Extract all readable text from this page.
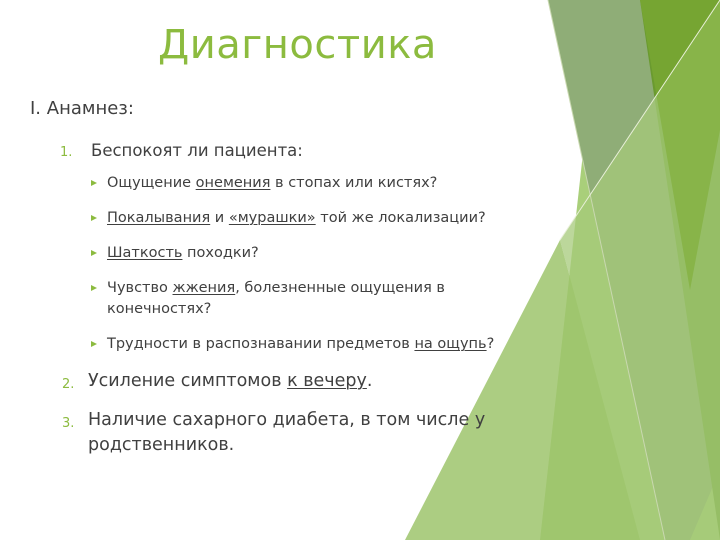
Диагностика
I. Анамнез:
1. Беспокоят ли пациента:
Ощущение онемения в стопах или кистях?
Покалывания и «мурашки» той же локализации?
Шаткость походки?
Чувство жжения, болезненные ощущения в конечностях?
Трудности в распознавании предметов на ощупь?
2. Усиление симптомов к вечеру.
3. Наличие сахарного диабета, в том числе у родственников.
